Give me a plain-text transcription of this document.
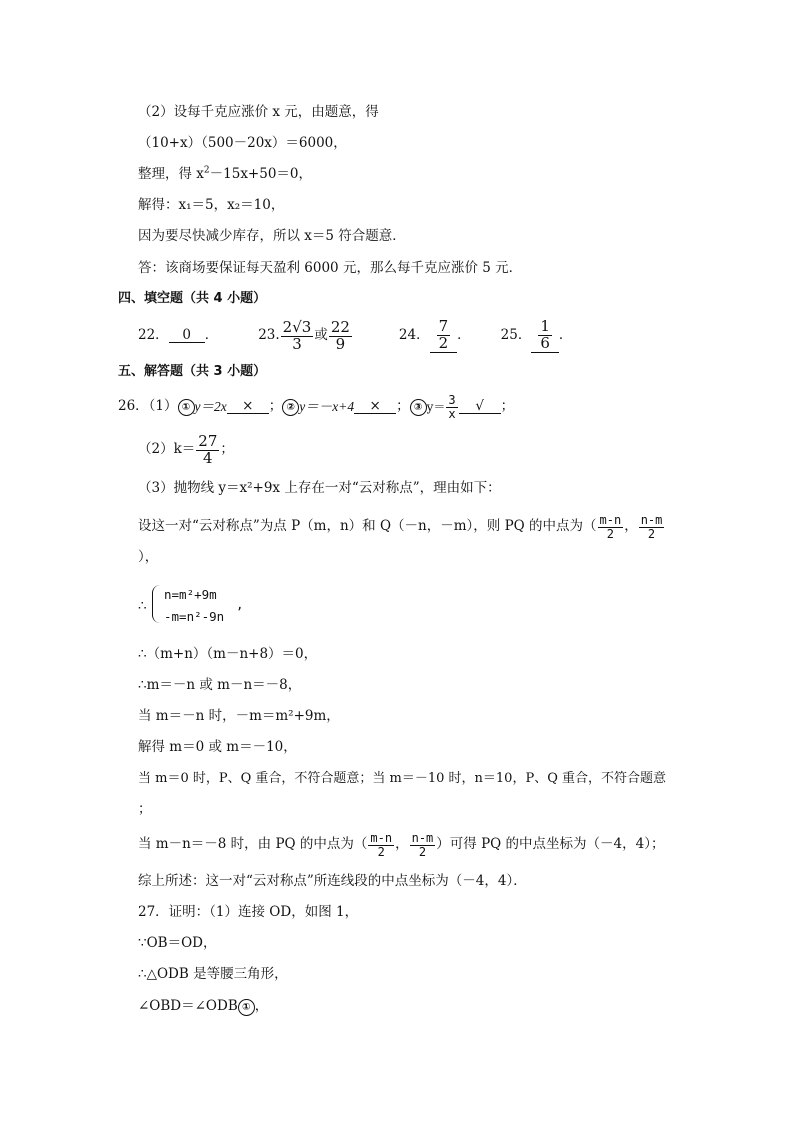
（2）设每千克应涨价 x 元，由题意，得
（10+x）（500－20x）＝6000，
整理，得 $x^2-15x+50=0$，
解得：x₁＝5，x₂＝10，
因为要尽快减少库存，所以 x＝5 符合题意．
答：该商场要保证每天盈利 6000 元，那么每千克应涨价 5 元．
四、填空题（共 4 小题）
22．	0	．	23. $\frac{2√3}{3}$ 或 $\frac{22}{9}$	24． $\frac{7}{2}$ ． 25． $\frac{1}{6}$ ．
五、解答题（共 3 小题）
26．（1） ① y＝2x	×	； ② y＝－x+4	×	； ③ $y= \frac{3}{x}$	√	；
$(2)k= \frac{27}{4}$ ；
（3）抛物线 y＝x²+9x 上存在一对“云对称点”，理由如下：
设这一对“云对称点”为点 P（m，n）和 Q（－n，－m），则 PQ 的中点为（ $\frac{m-n}{2}$ ， $\frac{n-m}{2}$
），
∴
n=m²+9m
-m=n²-9n
,
∴（m+n）（m－n+8）＝0，
∴m＝－n 或 m－n＝－8，
当 m＝－n 时，－m＝m²+9m，
解得 m＝0 或 m＝－10，
当 m＝0 时，P、Q 重合，不符合题意；当 m＝－10 时，n＝10，P、Q 重合，不符合题意
；
当 m－n＝－8 时，由 PQ 的中点为（ $\frac{m-n}{2}$ ， $\frac{n-m}{2}$ ）可得 PQ 的中点坐标为（－4，4）；
综上所述：这一对“云对称点”所连线段的中点坐标为（－4，4）．
27．证明：（1）连接 OD，如图 1，
∵OB＝OD，
∴△ODB 是等腰三角形，
∠OBD＝∠ODB ① ，
